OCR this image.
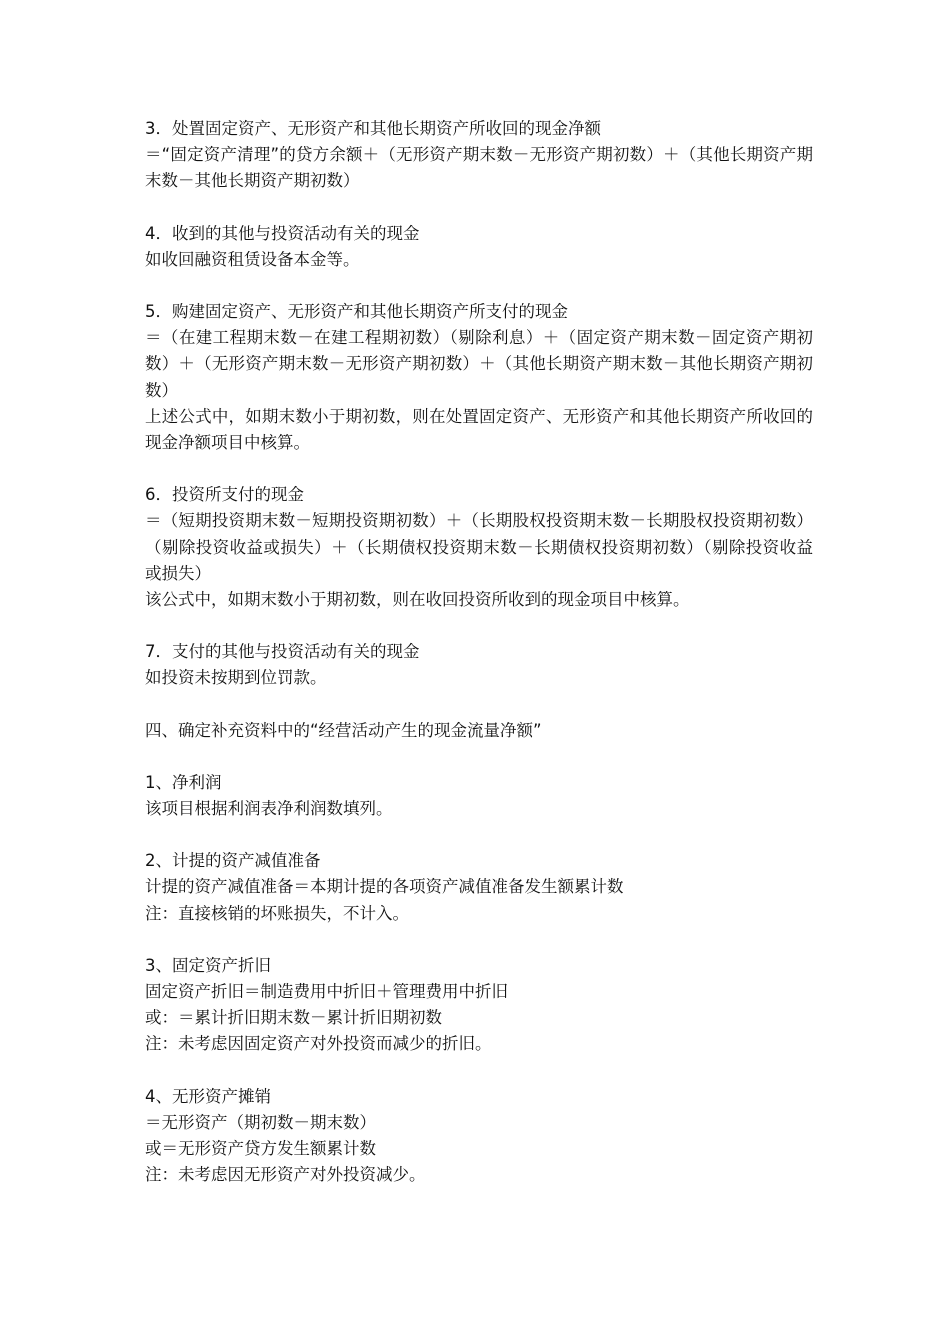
3．处置固定资产、无形资产和其他长期资产所收回的现金净额
＝“固定资产清理”的贷方余额＋（无形资产期末数－无形资产期初数）＋（其他长期资产期末数－其他长期资产期初数）
4．收到的其他与投资活动有关的现金
如收回融资租赁设备本金等。
5．购建固定资产、无形资产和其他长期资产所支付的现金
＝（在建工程期末数－在建工程期初数）（剔除利息）＋（固定资产期末数－固定资产期初数）＋（无形资产期末数－无形资产期初数）＋（其他长期资产期末数－其他长期资产期初数）
上述公式中，如期末数小于期初数，则在处置固定资产、无形资产和其他长期资产所收回的现金净额项目中核算。
6．投资所支付的现金
＝（短期投资期末数－短期投资期初数）＋（长期股权投资期末数－长期股权投资期初数）（剔除投资收益或损失）＋（长期债权投资期末数－长期债权投资期初数）（剔除投资收益或损失）
该公式中，如期末数小于期初数，则在收回投资所收到的现金项目中核算。
7．支付的其他与投资活动有关的现金
如投资未按期到位罚款。
四、确定补充资料中的“经营活动产生的现金流量净额”
1、净利润
该项目根据利润表净利润数填列。
2、计提的资产减值准备
计提的资产减值准备＝本期计提的各项资产减值准备发生额累计数
注：直接核销的坏账损失，不计入。
3、固定资产折旧
固定资产折旧＝制造费用中折旧＋管理费用中折旧
或：＝累计折旧期末数－累计折旧期初数
注：未考虑因固定资产对外投资而减少的折旧。
4、无形资产摊销
＝无形资产（期初数－期末数）
或＝无形资产贷方发生额累计数
注：未考虑因无形资产对外投资减少。
